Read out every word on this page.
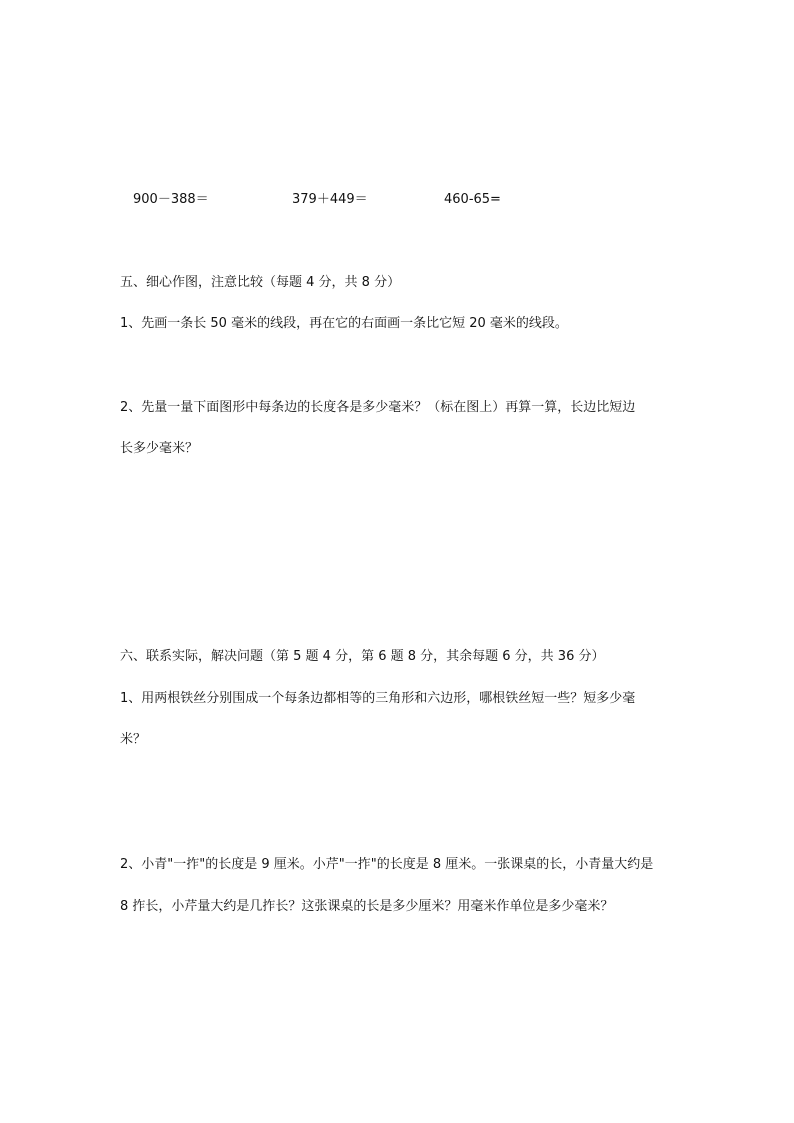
900－388＝	379＋449＝	460-65=
五、细心作图，注意比较（每题 4 分，共 8 分）
1、先画一条长 50 毫米的线段，再在它的右面画一条比它短 20 毫米的线段。
2、先量一量下面图形中每条边的长度各是多少毫米？（标在图上）再算一算，长边比短边
长多少毫米？
六、联系实际，解决问题（第 5 题 4 分，第 6 题 8 分，其余每题 6 分，共 36 分）
1、用两根铁丝分别围成一个每条边都相等的三角形和六边形，哪根铁丝短一些？短多少毫
米？
2、小青"一拃"的长度是 9 厘米。小芹"一拃"的长度是 8 厘米。一张课桌的长，小青量大约是
8 拃长，小芹量大约是几拃长？这张课桌的长是多少厘米？用毫米作单位是多少毫米？
